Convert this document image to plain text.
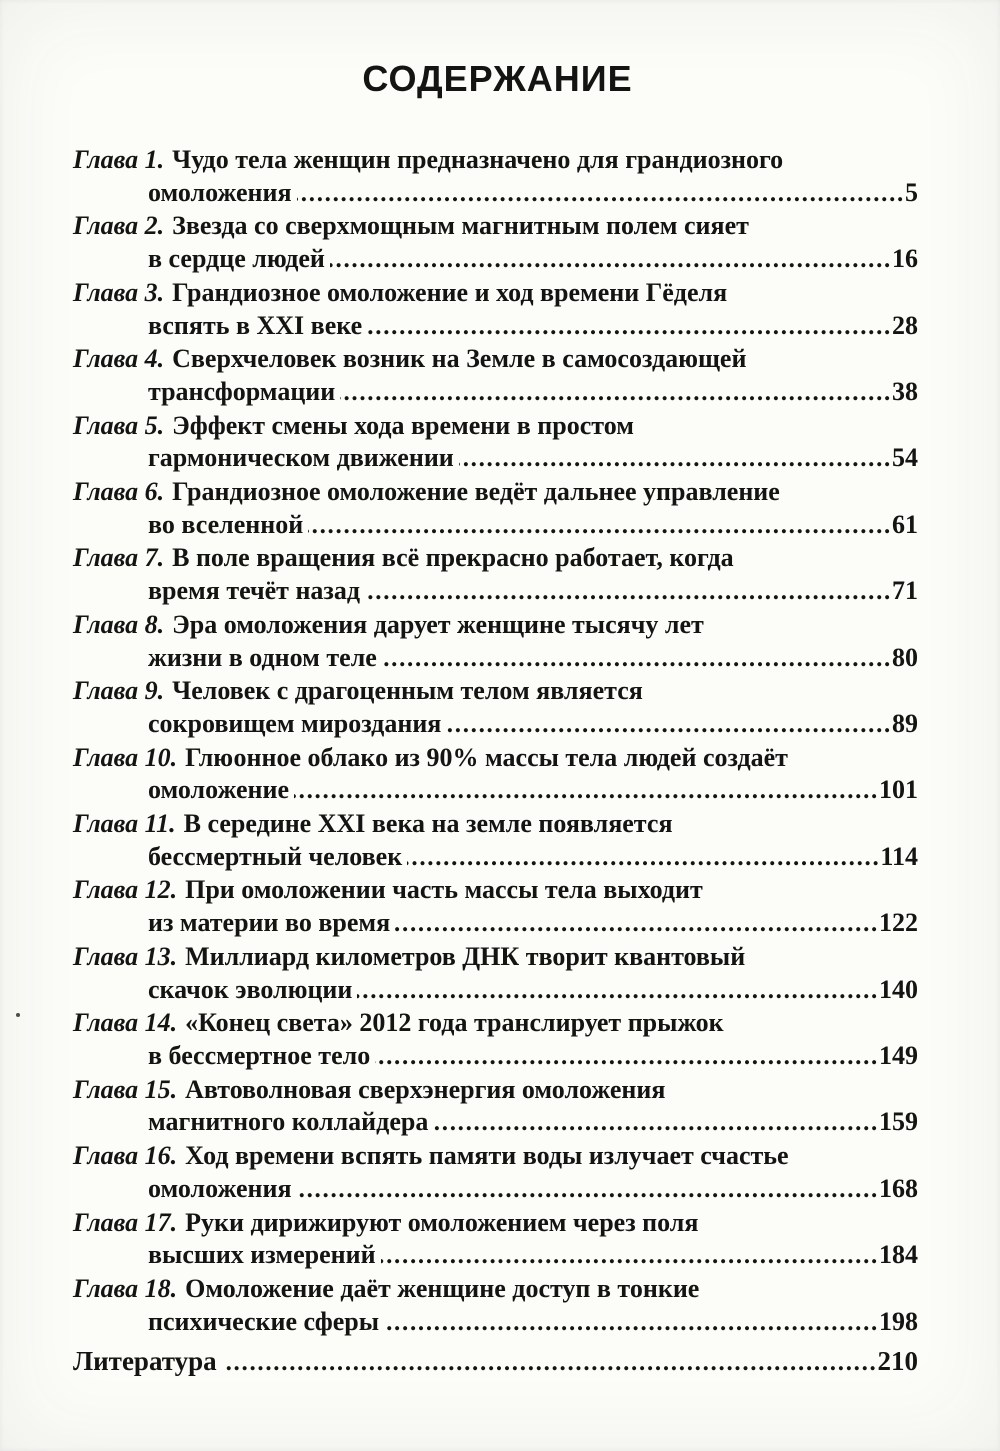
СОДЕРЖАНИЕ
Глава 1. Чудо тела женщин предназначено для грандиозного
омоложения .....	5
Глава 2. Звезда со сверхмощным магнитным полем сияет
в сердце людей .....	16
Глава 3. Грандиозное омоложение и ход времени Гёделя
вспять в XXI веке .....	28
Глава 4. Сверхчеловек возник на Земле в самосоздающей
трансформации .....	38
Глава 5. Эффект смены хода времени в простом
гармоническом движении .....	54
Глава 6. Грандиозное омоложение ведёт дальнее управление
во вселенной .....	61
Глава 7. В поле вращения всё прекрасно работает, когда
время течёт назад .....	71
Глава 8. Эра омоложения дарует женщине тысячу лет
жизни в одном теле .....	80
Глава 9. Человек с драгоценным телом является
сокровищем мироздания .....	89
Глава 10. Глюонное облако из 90% массы тела людей создаёт
омоложение .....	101
Глава 11. В середине XXI века на земле появляется
бессмертный человек .....	114
Глава 12. При омоложении часть массы тела выходит
из материи во время .....	122
Глава 13. Миллиард километров ДНК творит квантовый
скачок эволюции .....	140
Глава 14. «Конец света» 2012 года транслирует прыжок
в бессмертное тело .....	149
Глава 15. Автоволновая сверхэнергия омоложения
магнитного коллайдера .....	159
Глава 16. Ход времени вспять памяти воды излучает счастье
омоложения .....	168
Глава 17. Руки дирижируют омоложением через поля
высших измерений .....	184
Глава 18. Омоложение даёт женщине доступ в тонкие
психические сферы .....	198
Литература .....	210
